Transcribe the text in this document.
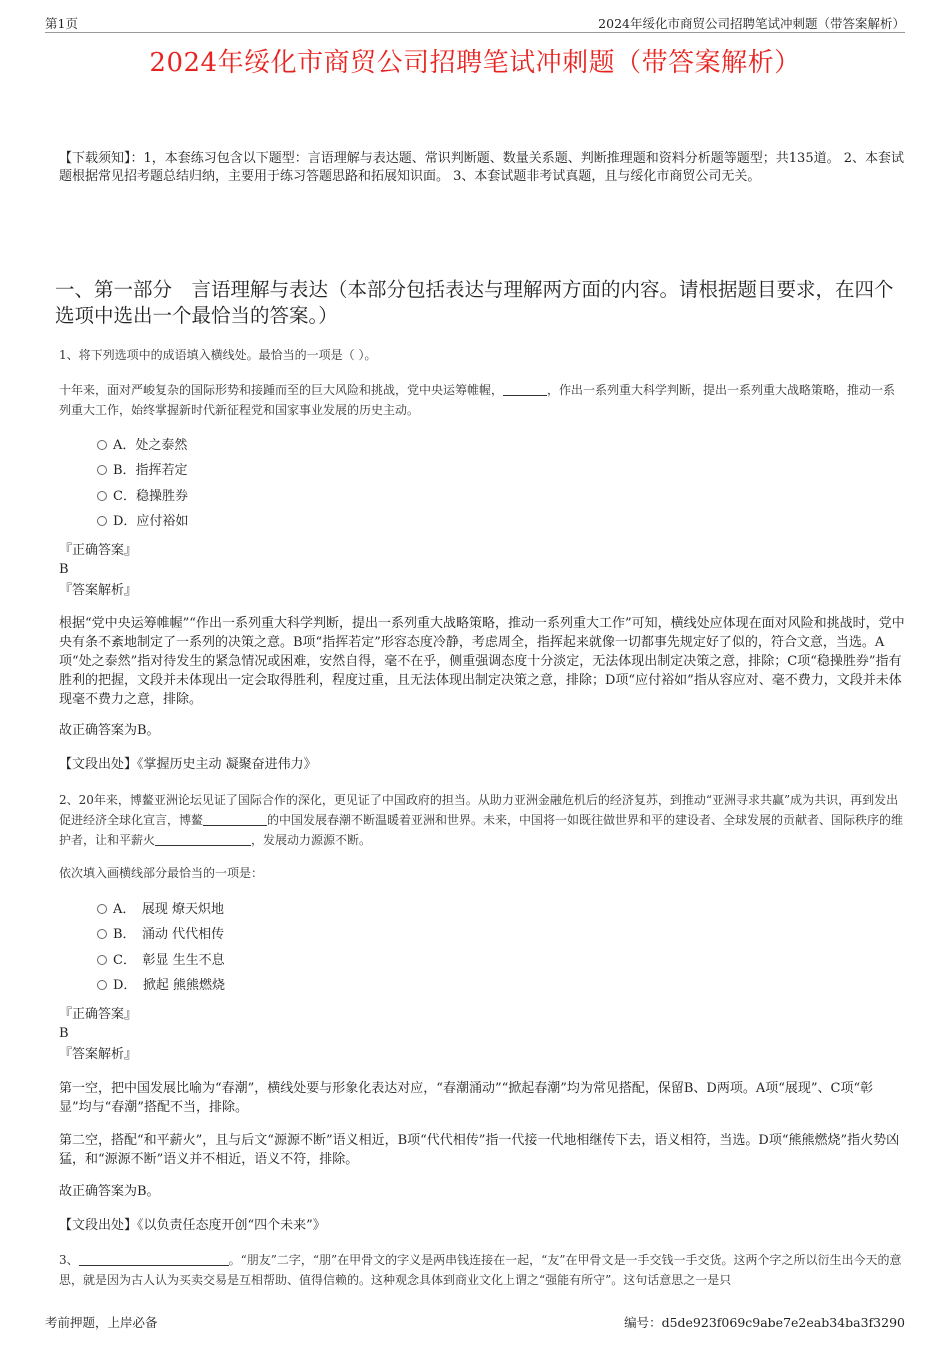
第1页	2024年绥化市商贸公司招聘笔试冲刺题（带答案解析）
2024年绥化市商贸公司招聘笔试冲刺题（带答案解析）
【下载须知】：1，本套练习包含以下题型：言语理解与表达题、常识判断题、数量关系题、判断推理题和资料分析题等题型；共135道。 2、本套试题根据常见招考题总结归纳，主要用于练习答题思路和拓展知识面。 3、本套试题非考试真题，且与绥化市商贸公司无关。
一、第一部分　言语理解与表达（本部分包括表达与理解两方面的内容。请根据题目要求，在四个选项中选出一个最恰当的答案。）
1、将下列选项中的成语填入横线处。最恰当的一项是（ ）。
十年来，面对严峻复杂的国际形势和接踵而至的巨大风险和挑战，党中央运筹帷幄，	，作出一系列重大科学判断，提出一系列重大战略策略，推动一系列重大工作，始终掌握新时代新征程党和国家事业发展的历史主动。
A．处之泰然
B．指挥若定
C．稳操胜券
D．应付裕如
『正确答案』
B
『答案解析』
根据“党中央运筹帷幄”“作出一系列重大科学判断，提出一系列重大战略策略，推动一系列重大工作”可知，横线处应体现在面对风险和挑战时，党中央有条不紊地制定了一系列的决策之意。B项“指挥若定”形容态度冷静，考虑周全，指挥起来就像一切都事先规定好了似的，符合文意，当选。A项“处之泰然”指对待发生的紧急情况或困难，安然自得，毫不在乎，侧重强调态度十分淡定，无法体现出制定决策之意，排除；C项“稳操胜券”指有胜利的把握，文段并未体现出一定会取得胜利，程度过重，且无法体现出制定决策之意，排除；D项“应付裕如”指从容应对、毫不费力，文段并未体现毫不费力之意，排除。
故正确答案为B。
【文段出处】《掌握历史主动 凝聚奋进伟力》
2、20年来，博鳌亚洲论坛见证了国际合作的深化，更见证了中国政府的担当。从助力亚洲金融危机后的经济复苏，到推动“亚洲寻求共赢”成为共识，再到发出促进经济全球化宣言，博鳌	的中国发展春潮不断温暖着亚洲和世界。未来，中国将一如既往做世界和平的建设者、全球发展的贡献者、国际秩序的维护者，让和平薪火	，发展动力源源不断。
依次填入画横线部分最恰当的一项是：
A．　展现 燎天炽地
B．　涌动 代代相传
C．　彰显 生生不息
D．　掀起 熊熊燃烧
『正确答案』
B
『答案解析』
第一空，把中国发展比喻为“春潮”，横线处要与形象化表达对应，“春潮涌动”“掀起春潮”均为常见搭配，保留B、D两项。A项“展现”、C项“彰显”均与“春潮”搭配不当，排除。
第二空，搭配“和平薪火”，且与后文“源源不断”语义相近，B项“代代相传”指一代接一代地相继传下去，语义相符，当选。D项“熊熊燃烧”指火势凶猛，和“源源不断”语义并不相近，语义不符，排除。
故正确答案为B。
【文段出处】《以负责任态度开创“四个未来”》
3、	。“朋友”二字，“朋”在甲骨文的字义是两串钱连接在一起，“友”在甲骨文是一手交钱一手交货。这两个字之所以衍生出今天的意思，就是因为古人认为买卖交易是互相帮助、值得信赖的。这种观念具体到商业文化上谓之“强能有所守”。这句话意思之一是只
考前押题，上岸必备	编号：d5de923f069c9abe7e2eab34ba3f3290
